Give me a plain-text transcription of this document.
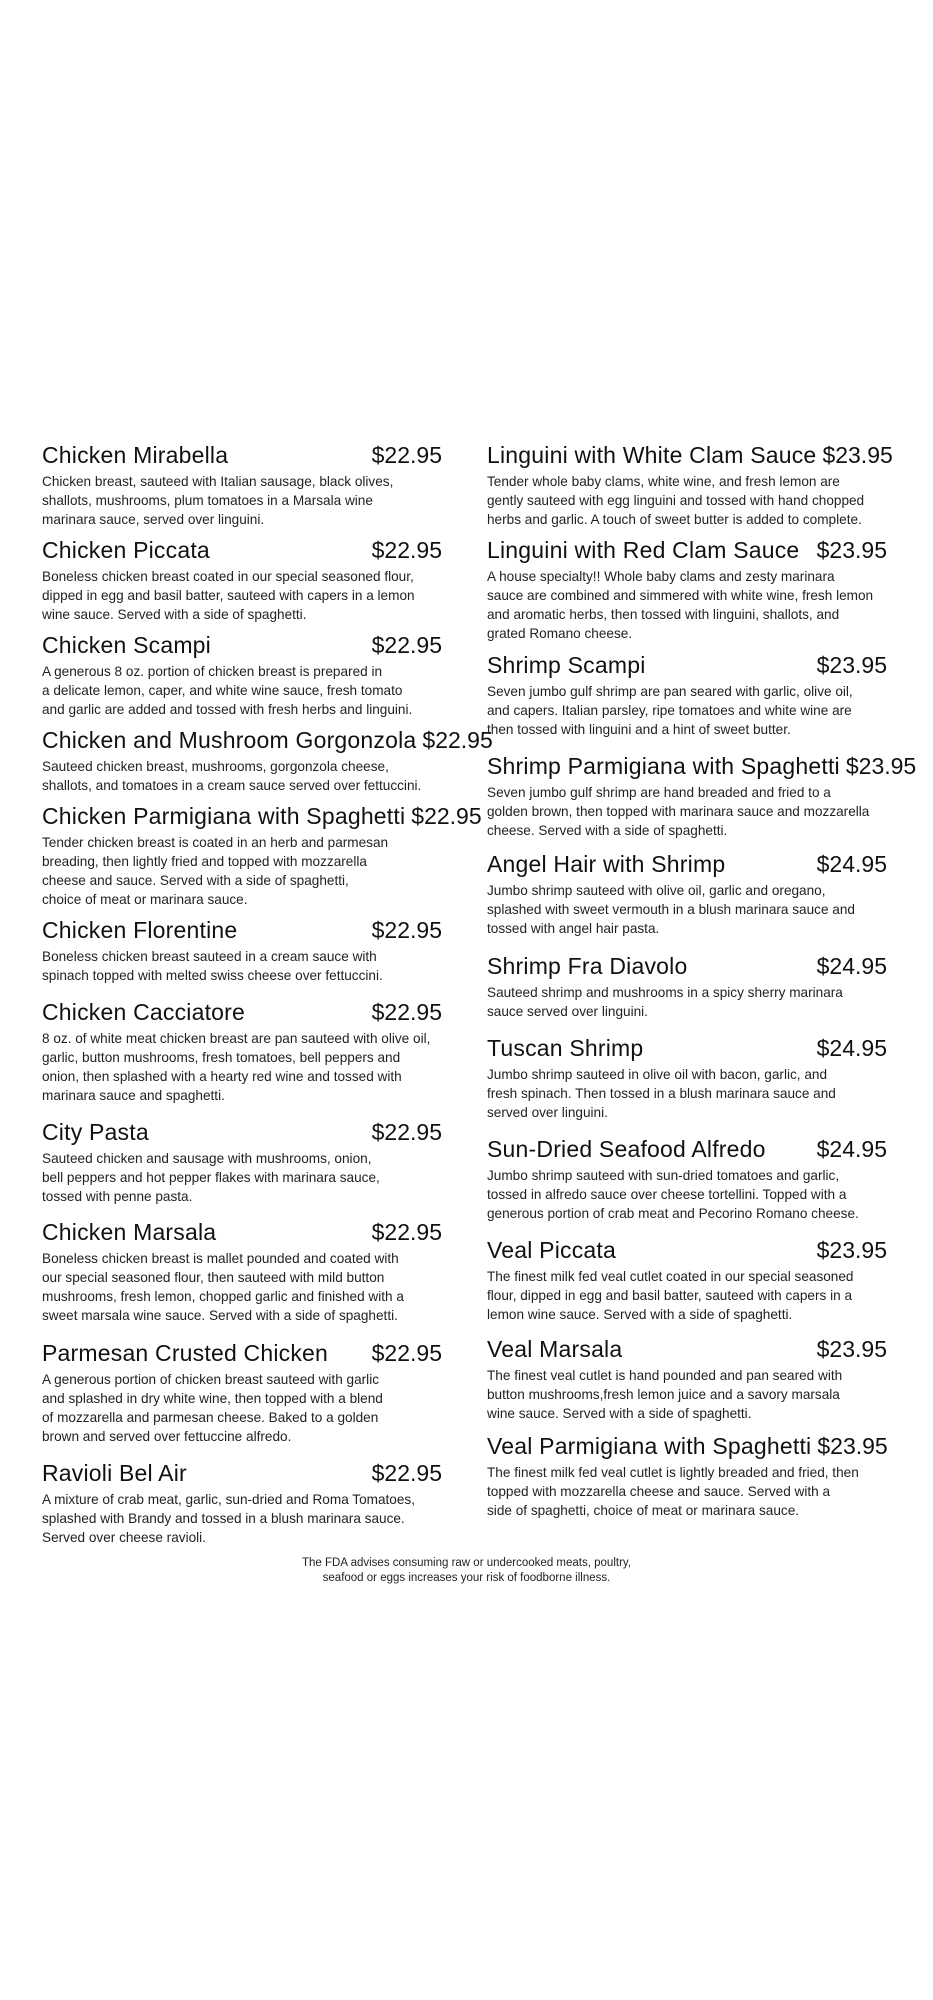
Chicken Mirabella	$22.95
Chicken breast, sauteed with Italian sausage, black olives,
shallots, mushrooms, plum tomatoes in a Marsala wine
marinara sauce, served over linguini.
Chicken Piccata	$22.95
Boneless chicken breast coated in our special seasoned flour,
dipped in egg and basil batter, sauteed with capers in a lemon
wine sauce. Served with a side of spaghetti.
Chicken Scampi	$22.95
A generous 8 oz. portion of chicken breast is prepared in
a delicate lemon, caper, and white wine sauce, fresh tomato
and garlic are added and tossed with fresh herbs and linguini.
Chicken and Mushroom Gorgonzola $22.95
Sauteed chicken breast, mushrooms, gorgonzola cheese,
shallots, and tomatoes in a cream sauce served over fettuccini.
Chicken Parmigiana with Spaghetti $22.95
Tender chicken breast is coated in an herb and parmesan
breading, then lightly fried and topped with mozzarella
cheese and sauce. Served with a side of spaghetti,
choice of meat or marinara sauce.
Chicken Florentine	$22.95
Boneless chicken breast sauteed in a cream sauce with
spinach topped with melted swiss cheese over fettuccini.
Chicken Cacciatore	$22.95
8 oz. of white meat chicken breast are pan sauteed with olive oil,
garlic, button mushrooms, fresh tomatoes, bell peppers and
onion, then splashed with a hearty red wine and tossed with
marinara sauce and spaghetti.
City Pasta	$22.95
Sauteed chicken and sausage with mushrooms, onion,
bell peppers and hot pepper flakes with marinara sauce,
tossed with penne pasta.
Chicken Marsala	$22.95
Boneless chicken breast is mallet pounded and coated with
our special seasoned flour, then sauteed with mild button
mushrooms, fresh lemon, chopped garlic and finished with a
sweet marsala wine sauce. Served with a side of spaghetti.
Parmesan Crusted Chicken $22.95
A generous portion of chicken breast sauteed with garlic
and splashed in dry white wine, then topped with a blend
of mozzarella and parmesan cheese. Baked to a golden
brown and served over fettuccine alfredo.
Ravioli Bel Air	$22.95
A mixture of crab meat, garlic, sun-dried and Roma Tomatoes,
splashed with Brandy and tossed in a blush marinara sauce.
Served over cheese ravioli.
Linguini with White Clam Sauce $23.95
Tender whole baby clams, white wine, and fresh lemon are
gently sauteed with egg linguini and tossed with hand chopped
herbs and garlic. A touch of sweet butter is added to complete.
Linguini with Red Clam Sauce $23.95
A house specialty!! Whole baby clams and zesty marinara
sauce are combined and simmered with white wine, fresh lemon
and aromatic herbs, then tossed with linguini, shallots, and
grated Romano cheese.
Shrimp Scampi	$23.95
Seven jumbo gulf shrimp are pan seared with garlic, olive oil,
and capers. Italian parsley, ripe tomatoes and white wine are
then tossed with linguini and a hint of sweet butter.
Shrimp Parmigiana with Spaghetti $23.95
Seven jumbo gulf shrimp are hand breaded and fried to a
golden brown, then topped with marinara sauce and mozzarella
cheese. Served with a side of spaghetti.
Angel Hair with Shrimp	$24.95
Jumbo shrimp sauteed with olive oil, garlic and oregano,
splashed with sweet vermouth in a blush marinara sauce and
tossed with angel hair pasta.
Shrimp Fra Diavolo	$24.95
Sauteed shrimp and mushrooms in a spicy sherry marinara
sauce served over linguini.
Tuscan Shrimp	$24.95
Jumbo shrimp sauteed in olive oil with bacon, garlic, and
fresh spinach. Then tossed in a blush marinara sauce and
served over linguini.
Sun-Dried Seafood Alfredo $24.95
Jumbo shrimp sauteed with sun-dried tomatoes and garlic,
tossed in alfredo sauce over cheese tortellini. Topped with a
generous portion of crab meat and Pecorino Romano cheese.
Veal Piccata	$23.95
The finest milk fed veal cutlet coated in our special seasoned
flour, dipped in egg and basil batter, sauteed with capers in a
lemon wine sauce. Served with a side of spaghetti.
Veal Marsala	$23.95
The finest veal cutlet is hand pounded and pan seared with
button mushrooms,fresh lemon juice and a savory marsala
wine sauce. Served with a side of spaghetti.
Veal Parmigiana with Spaghetti $23.95
The finest milk fed veal cutlet is lightly breaded and fried, then
topped with mozzarella cheese and sauce. Served with a
side of spaghetti, choice of meat or marinara sauce.
The FDA advises consuming raw or undercooked meats, poultry,
seafood or eggs increases your risk of foodborne illness.
